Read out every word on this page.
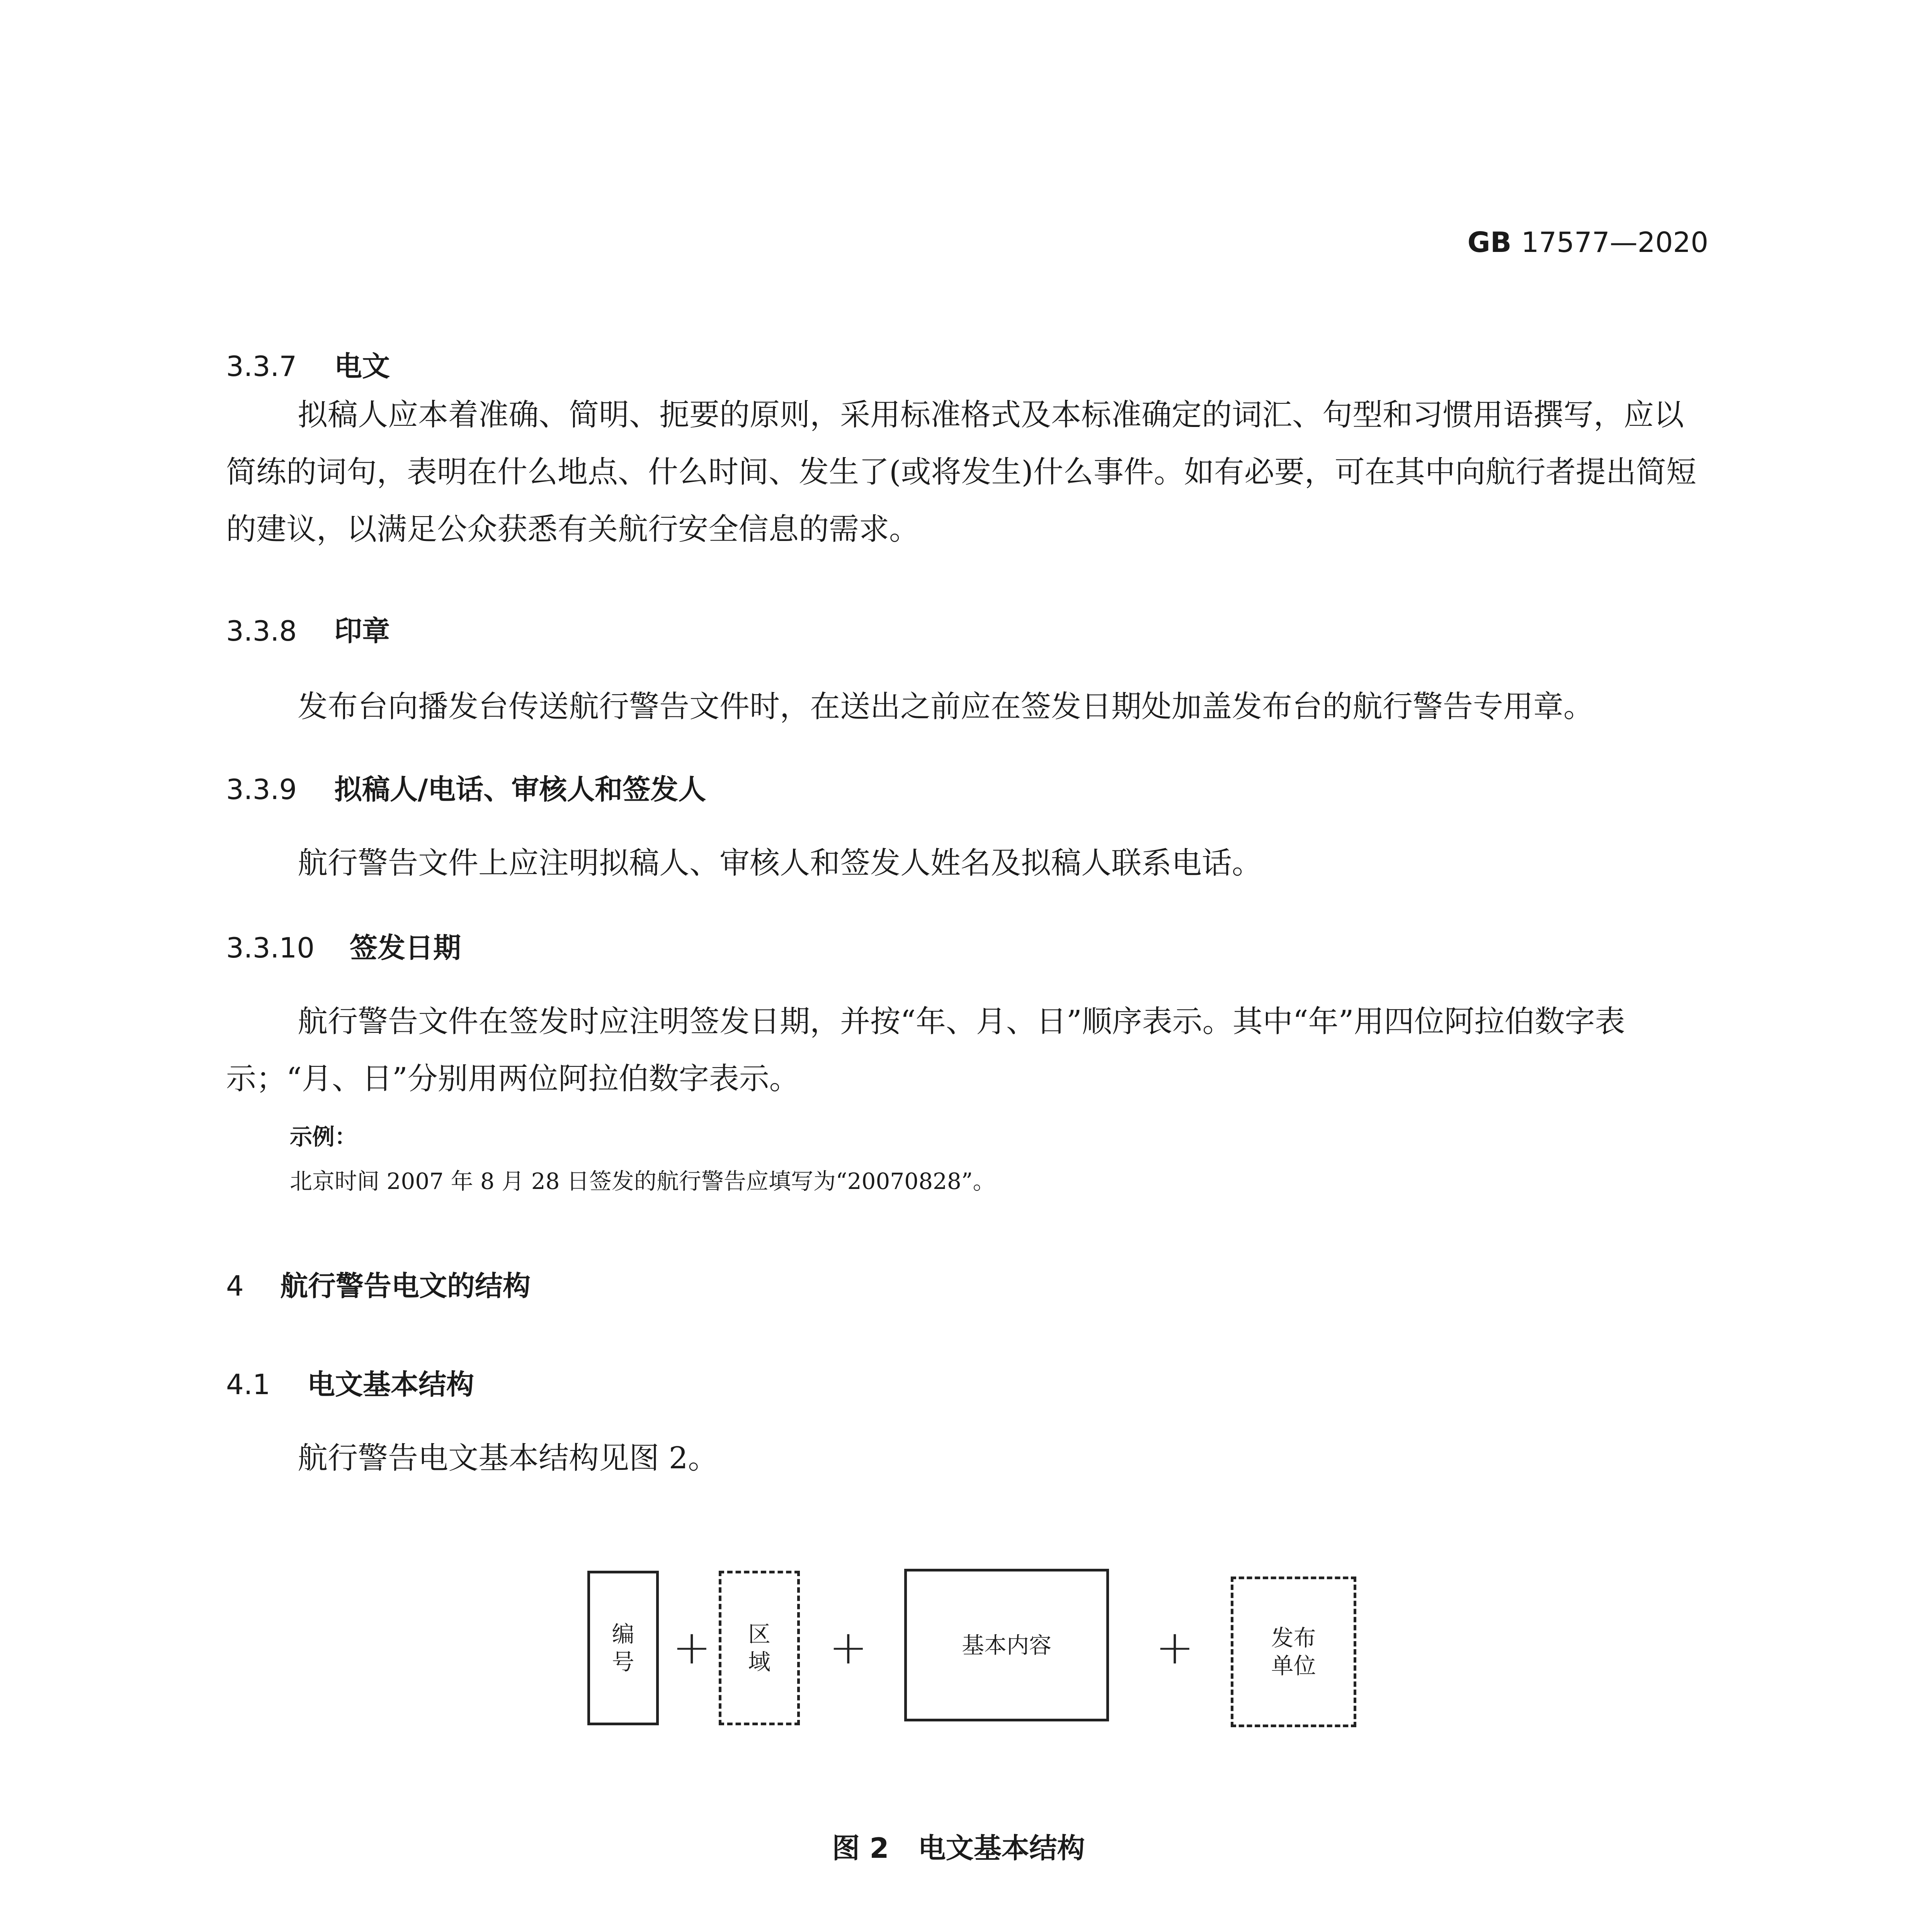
GB 17577—2020
3.3.7 电文

拟稿人应本着准确、简明、扼要的原则，采用标准格式及本标准确定的词汇、句型和习惯用语撰写，应以简练的词句，表明在什么地点、什么时间、发生了(或将发生)什么事件。如有必要，可在其中向航行者提出简短的建议，以满足公众获悉有关航行安全信息的需求。

3.3.8 印章

发布台向播发台传送航行警告文件时，在送出之前应在签发日期处加盖发布台的航行警告专用章。

3.3.9 拟稿人/电话、审核人和签发人

航行警告文件上应注明拟稿人、审核人和签发人姓名及拟稿人联系电话。

3.3.10 签发日期

航行警告文件在签发时应注明签发日期，并按“年、月、日”顺序表示。其中“年”用四位阿拉伯数字表示；“月、日”分别用两位阿拉伯数字表示。

示例：
北京时间 2007 年 8 月 28 日签发的航行警告应填写为“20070828”。
4 航行警告电文的结构
4.1 电文基本结构

航行警告电文基本结构见图 2。

编
号 +	区
域	+	基本内容	+	发布
单位
图 2 电文基本结构
